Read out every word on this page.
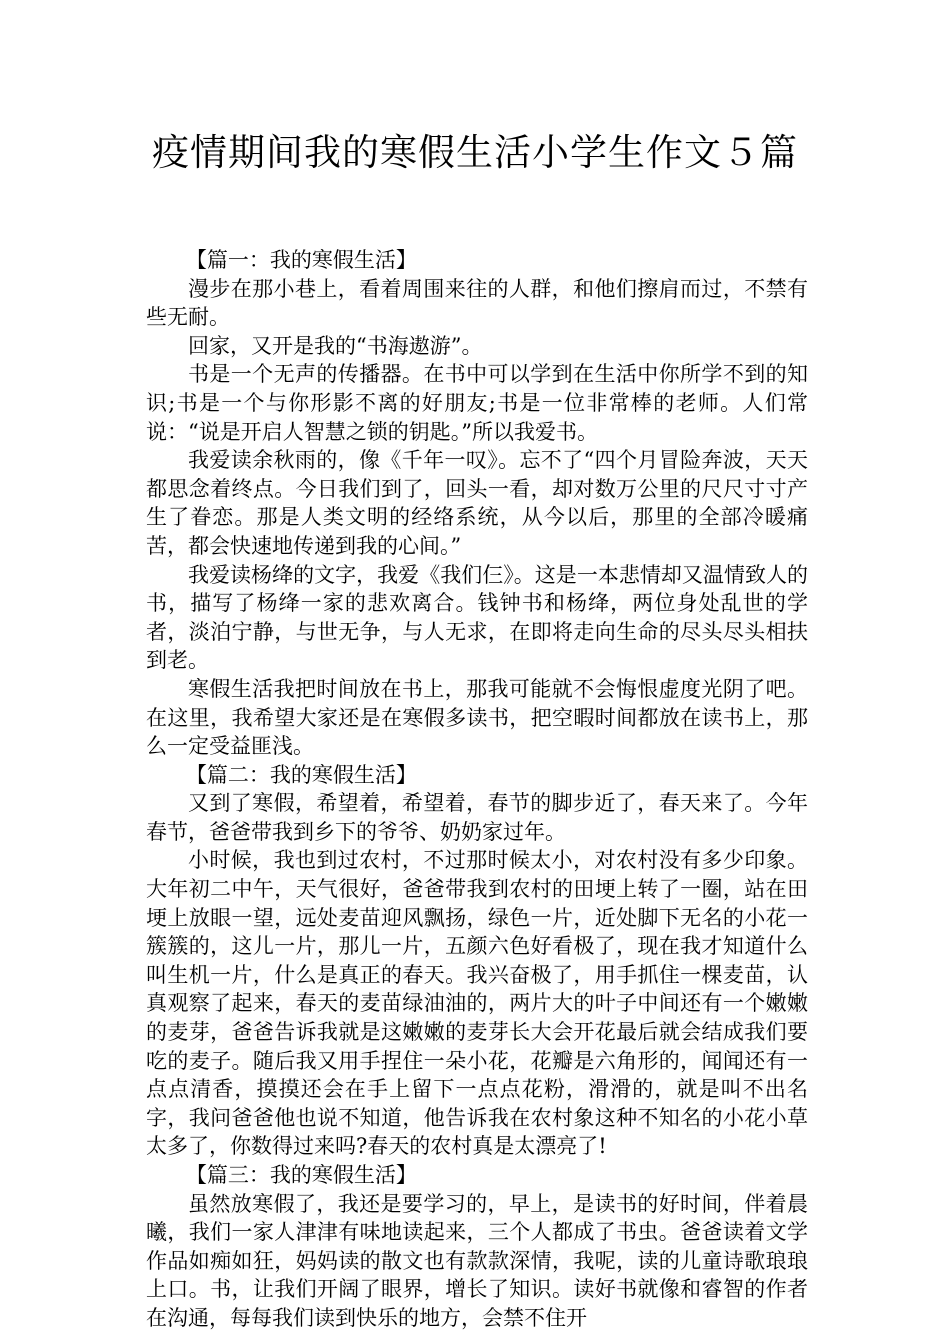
疫情期间我的寒假生活小学生作文５篇

【篇一：我的寒假生活】

漫步在那小巷上，看着周围来往的人群，和他们擦肩而过，不禁有些无耐。

回家，又开是我的“书海遨游”。

书是一个无声的传播器。在书中可以学到在生活中你所学不到的知识;书是一个与你形影不离的好朋友;书是一位非常棒的老师。人们常说：“说是开启人智慧之锁的钥匙。”所以我爱书。

我爱读余秋雨的，像《千年一叹》。忘不了“四个月冒险奔波，天天都思念着终点。今日我们到了，回头一看，却对数万公里的尺尺寸寸产生了眷恋。那是人类文明的经络系统，从今以后，那里的全部冷暖痛苦，都会快速地传递到我的心间。”

我爱读杨绛的文字，我爱《我们仨》。这是一本悲情却又温情致人的书，描写了杨绛一家的悲欢离合。钱钟书和杨绛，两位身处乱世的学者，淡泊宁静，与世无争，与人无求，在即将走向生命的尽头尽头相扶到老。

寒假生活我把时间放在书上，那我可能就不会悔恨虚度光阴了吧。在这里，我希望大家还是在寒假多读书，把空暇时间都放在读书上，那么一定受益匪浅。

【篇二：我的寒假生活】

又到了寒假，希望着，希望着，春节的脚步近了，春天来了。今年春节，爸爸带我到乡下的爷爷、奶奶家过年。

小时候，我也到过农村，不过那时候太小，对农村没有多少印象。大年初二中午，天气很好，爸爸带我到农村的田埂上转了一圈，站在田埂上放眼一望，远处麦苗迎风飘扬，绿色一片，近处脚下无名的小花一簇簇的，这儿一片，那儿一片，五颜六色好看极了，现在我才知道什么叫生机一片，什么是真正的春天。我兴奋极了，用手抓住一棵麦苗，认真观察了起来，春天的麦苗绿油油的，两片大的叶子中间还有一个嫩嫩的麦芽，爸爸告诉我就是这嫩嫩的麦芽长大会开花最后就会结成我们要吃的麦子。随后我又用手捏住一朵小花，花瓣是六角形的，闻闻还有一点点清香，摸摸还会在手上留下一点点花粉，滑滑的，就是叫不出名字，我问爸爸他也说不知道，他告诉我在农村象这种不知名的小花小草太多了，你数得过来吗?春天的农村真是太漂亮了!

【篇三：我的寒假生活】

虽然放寒假了，我还是要学习的，早上，是读书的好时间，伴着晨曦，我们一家人津津有味地读起来，三个人都成了书虫。爸爸读着文学作品如痴如狂，妈妈读的散文也有款款深情，我呢，读的儿童诗歌琅琅上口。书，让我们开阔了眼界，增长了知识。读好书就像和睿智的作者在沟通，每每我们读到快乐的地方，会禁不住开
